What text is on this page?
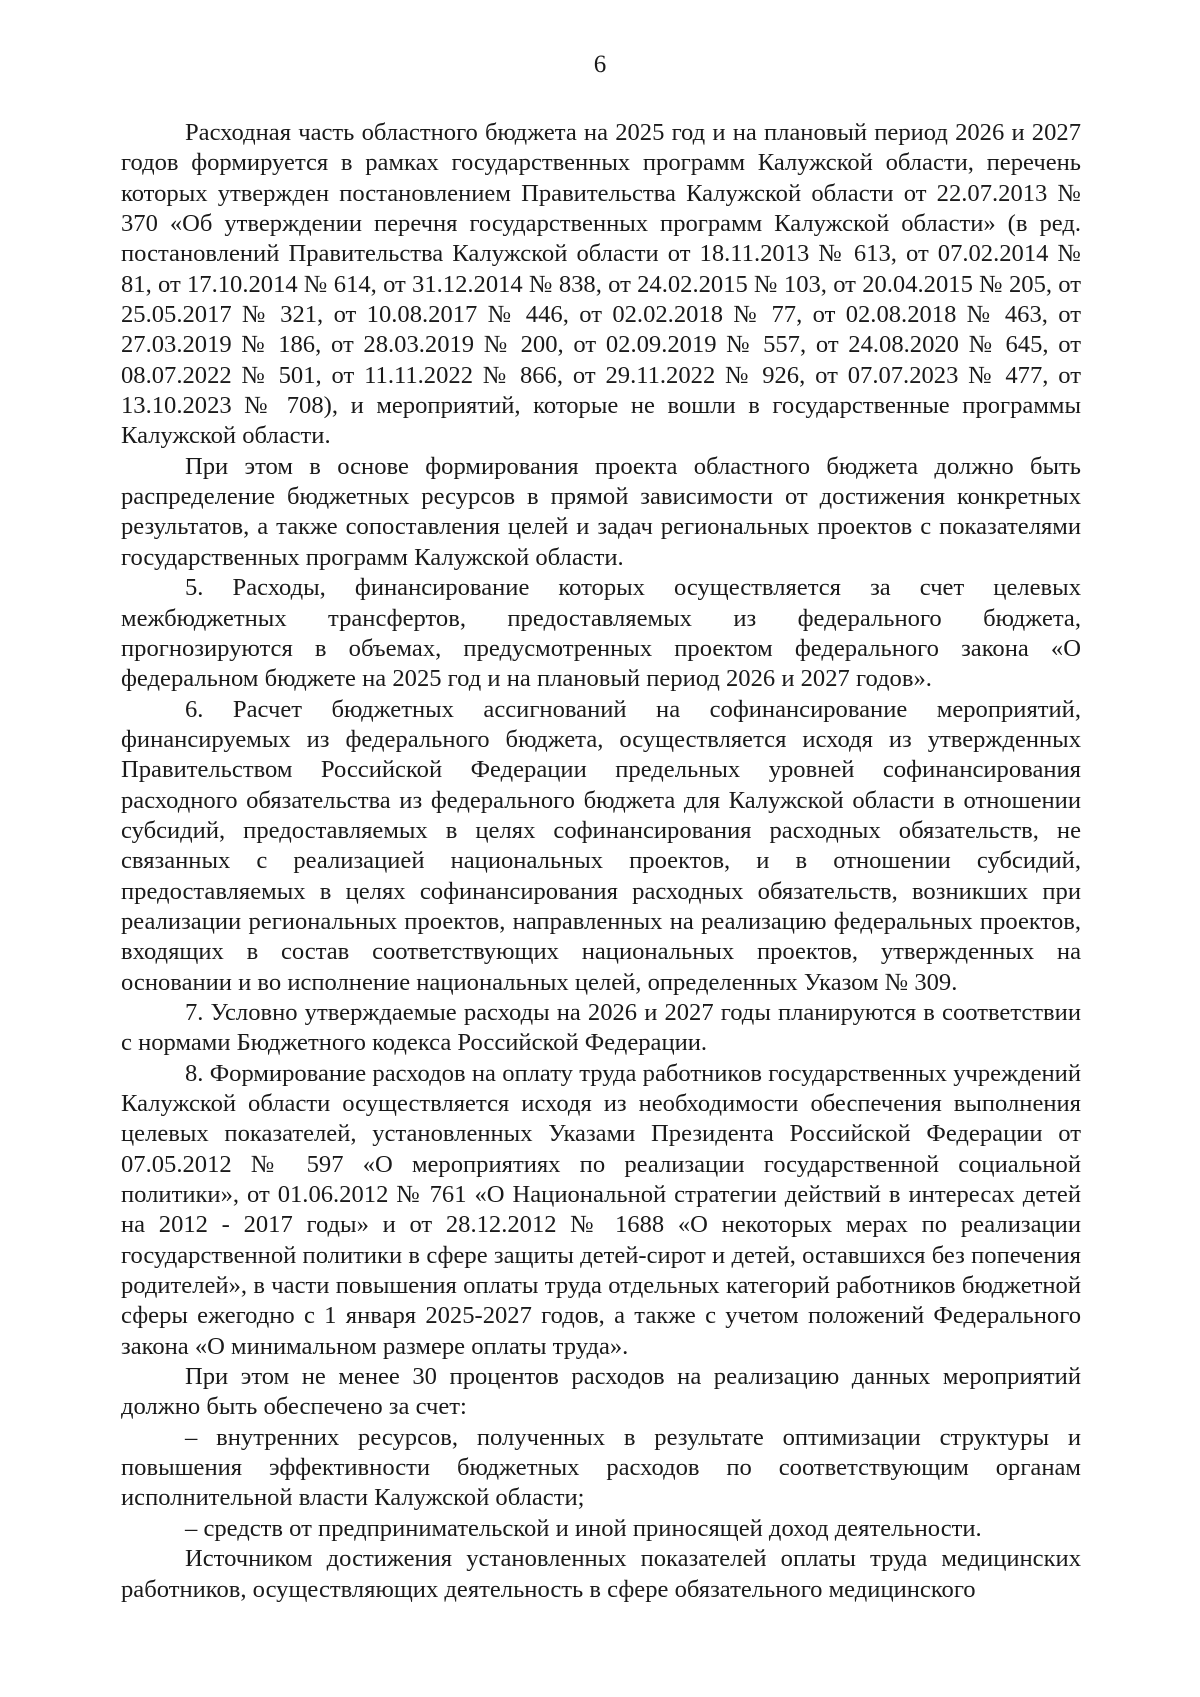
6

Расходная часть областного бюджета на 2025 год и на плановый период 2026 и 2027 годов формируется в рамках государственных программ Калужской области, перечень которых утвержден постановлением Правительства Калужской области от 22.07.2013 № 370 «Об утверждении перечня государственных программ Калужской области» (в ред. постановлений Правительства Калужской области от 18.11.2013 № 613, от 07.02.2014 № 81, от 17.10.2014 № 614, от 31.12.2014 № 838, от 24.02.2015 № 103, от 20.04.2015 № 205, от 25.05.2017 № 321, от 10.08.2017 № 446, от 02.02.2018 № 77, от 02.08.2018 № 463, от 27.03.2019 № 186, от 28.03.2019 № 200, от 02.09.2019 № 557, от 24.08.2020 № 645, от 08.07.2022 № 501, от 11.11.2022 № 866, от 29.11.2022 № 926, от 07.07.2023 № 477, от 13.10.2023 № 708), и мероприятий, которые не вошли в государственные программы Калужской области.

При этом в основе формирования проекта областного бюджета должно быть распределение бюджетных ресурсов в прямой зависимости от достижения конкретных результатов, а также сопоставления целей и задач региональных проектов с показателями государственных программ Калужской области.

5. Расходы, финансирование которых осуществляется за счет целевых межбюджетных трансфертов, предоставляемых из федерального бюджета, прогнозируются в объемах, предусмотренных проектом федерального закона «О федеральном бюджете на 2025 год и на плановый период 2026 и 2027 годов».

6. Расчет бюджетных ассигнований на софинансирование мероприятий, финансируемых из федерального бюджета, осуществляется исходя из утвержденных Правительством Российской Федерации предельных уровней софинансирования расходного обязательства из федерального бюджета для Калужской области в отношении субсидий, предоставляемых в целях софинансирования расходных обязательств, не связанных с реализацией национальных проектов, и в отношении субсидий, предоставляемых в целях софинансирования расходных обязательств, возникших при реализации региональных проектов, направленных на реализацию федеральных проектов, входящих в состав соответствующих национальных проектов, утвержденных на основании и во исполнение национальных целей, определенных Указом № 309.

7. Условно утверждаемые расходы на 2026 и 2027 годы планируются в соответствии с нормами Бюджетного кодекса Российской Федерации.

8. Формирование расходов на оплату труда работников государственных учреждений Калужской области осуществляется исходя из необходимости обеспечения выполнения целевых показателей, установленных Указами Президента Российской Федерации от 07.05.2012 № 597 «О мероприятиях по реализации государственной социальной политики», от 01.06.2012 № 761 «О Национальной стратегии действий в интересах детей на 2012 - 2017 годы» и от 28.12.2012 № 1688 «О некоторых мерах по реализации государственной политики в сфере защиты детей-сирот и детей, оставшихся без попечения родителей», в части повышения оплаты труда отдельных категорий работников бюджетной сферы ежегодно с 1 января 2025-2027 годов, а также с учетом положений Федерального закона «О минимальном размере оплаты труда».

При этом не менее 30 процентов расходов на реализацию данных мероприятий должно быть обеспечено за счет:

– внутренних ресурсов, полученных в результате оптимизации структуры и повышения эффективности бюджетных расходов по соответствующим органам исполнительной власти Калужской области;

– средств от предпринимательской и иной приносящей доход деятельности.

Источником достижения установленных показателей оплаты труда медицинских работников, осуществляющих деятельность в сфере обязательного медицинского
